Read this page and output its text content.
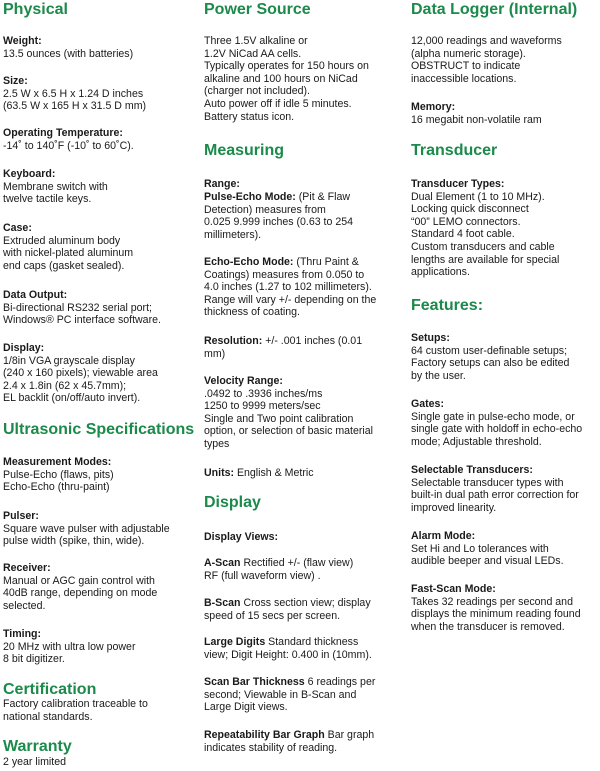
Physical
Weight:
13.5 ounces (with batteries)
Size:
2.5 W x 6.5 H x 1.24 D inches
(63.5 W x 165 H x 31.5 D mm)
Operating Temperature:
-14˚ to 140˚F (-10˚ to 60˚C).
Keyboard:
Membrane switch with
twelve tactile keys.
Case:
Extruded aluminum body
with nickel-plated aluminum
end caps (gasket sealed).
Data Output:
Bi-directional RS232 serial port;
Windows® PC interface software.
Display:
1/8in VGA grayscale display
(240 x 160 pixels); viewable area
2.4 x 1.8in (62 x 45.7mm);
EL backlit (on/off/auto invert).
Ultrasonic Specifications
Measurement Modes:
Pulse-Echo (flaws, pits)
Echo-Echo (thru-paint)
Pulser:
Square wave pulser with adjustable
pulse width (spike, thin, wide).
Receiver:
Manual or AGC gain control with
40dB range, depending on mode
selected.
Timing:
20 MHz with ultra low power
8 bit digitizer.
Certification
Factory calibration traceable to
national standards.
Warranty
2 year limited
Power Source
Three 1.5V alkaline or
1.2V NiCad AA cells.
Typically operates for 150 hours on
alkaline and 100 hours on NiCad
(charger not included).
Auto power off if idle 5 minutes.
Battery status icon.
Measuring
Range:
Pulse-Echo Mode: (Pit & Flaw
Detection) measures from
0.025 9.999 inches (0.63 to 254
millimeters).
Echo-Echo Mode: (Thru Paint &
Coatings) measures from 0.050 to
4.0 inches (1.27 to 102 millimeters).
Range will vary +/- depending on the
thickness of coating.
Resolution: +/- .001 inches (0.01
mm)
Velocity Range:
.0492 to .3936 inches/ms
1250 to 9999 meters/sec
Single and Two point calibration
option, or selection of basic material
types
Units: English & Metric
Display
Display Views:
A-Scan Rectified +/- (flaw view)
RF (full waveform view) .
B-Scan Cross section view; display
speed of 15 secs per screen.
Large Digits Standard thickness
view; Digit Height: 0.400 in (10mm).
Scan Bar Thickness 6 readings per
second; Viewable in B-Scan and
Large Digit views.
Repeatability Bar Graph Bar graph
indicates stability of reading.
Data Logger (Internal)
12,000 readings and waveforms
(alpha numeric storage).
OBSTRUCT to indicate
inaccessible locations.
Memory:
16 megabit non-volatile ram
Transducer
Transducer Types:
Dual Element (1 to 10 MHz).
Locking quick disconnect
“00” LEMO connectors.
Standard 4 foot cable.
Custom transducers and cable
lengths are available for special
applications.
Features:
Setups:
64 custom user-definable setups;
Factory setups can also be edited
by the user.
Gates:
Single gate in pulse-echo mode, or
single gate with holdoff in echo-echo
mode; Adjustable threshold.
Selectable Transducers:
Selectable transducer types with
built-in dual path error correction for
improved linearity.
Alarm Mode:
Set Hi and Lo tolerances with
audible beeper and visual LEDs.
Fast-Scan Mode:
Takes 32 readings per second and
displays the minimum reading found
when the transducer is removed.
